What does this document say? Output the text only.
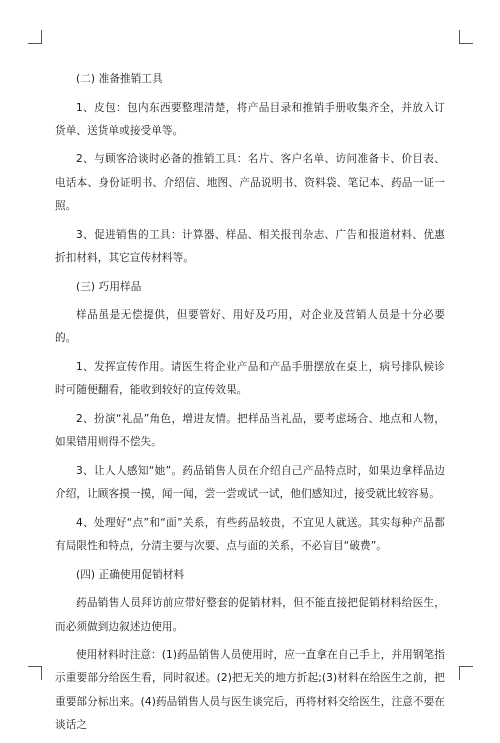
(二) 准备推销工具

1、皮包：包内东西要整理清楚，将产品目录和推销手册收集齐全，并放入订货单、送货单或接受单等。

2、与顾客洽谈时必备的推销工具：名片、客户名单、访问准备卡、价目表、电话本、身份证明书、介绍信、地图、产品说明书、资料袋、笔记本、药品一证一照。

3、促进销售的工具：计算器、样品、相关报刊杂志、广告和报道材料、优惠折扣材料，其它宣传材料等。

(三) 巧用样品

样品虽是无偿提供，但要管好、用好及巧用，对企业及营销人员是十分必要的。

1、发挥宣传作用。请医生将企业产品和产品手册摆放在桌上，病号排队候诊时可随便翻看，能收到较好的宣传效果。

2、扮演“礼品”角色，增进友情。把样品当礼品，要考虑场合、地点和人物，如果错用则得不偿失。

3、让人人感知“她”。药品销售人员在介绍自己产品特点时，如果边拿样品边介绍，让顾客摸一摸，闻一闻，尝一尝或试一试，他们感知过，接受就比较容易。

4、处理好“点”和“面”关系，有些药品较贵，不宜见人就送。其实每种产品都有局限性和特点，分清主要与次要、点与面的关系，不必盲目“破费”。

(四) 正确使用促销材料

药品销售人员拜访前应带好整套的促销材料，但不能直接把促销材料给医生，而必须做到边叙述边使用。

使用材料时注意：(1)药品销售人员使用时，应一直拿在自己手上，并用钢笔指示重要部分给医生看，同时叙述。(2)把无关的地方折起;(3)材料在给医生之前，把重要部分标出来。(4)药品销售人员与医生谈完后，再将材料交给医生，注意不要在谈话之
